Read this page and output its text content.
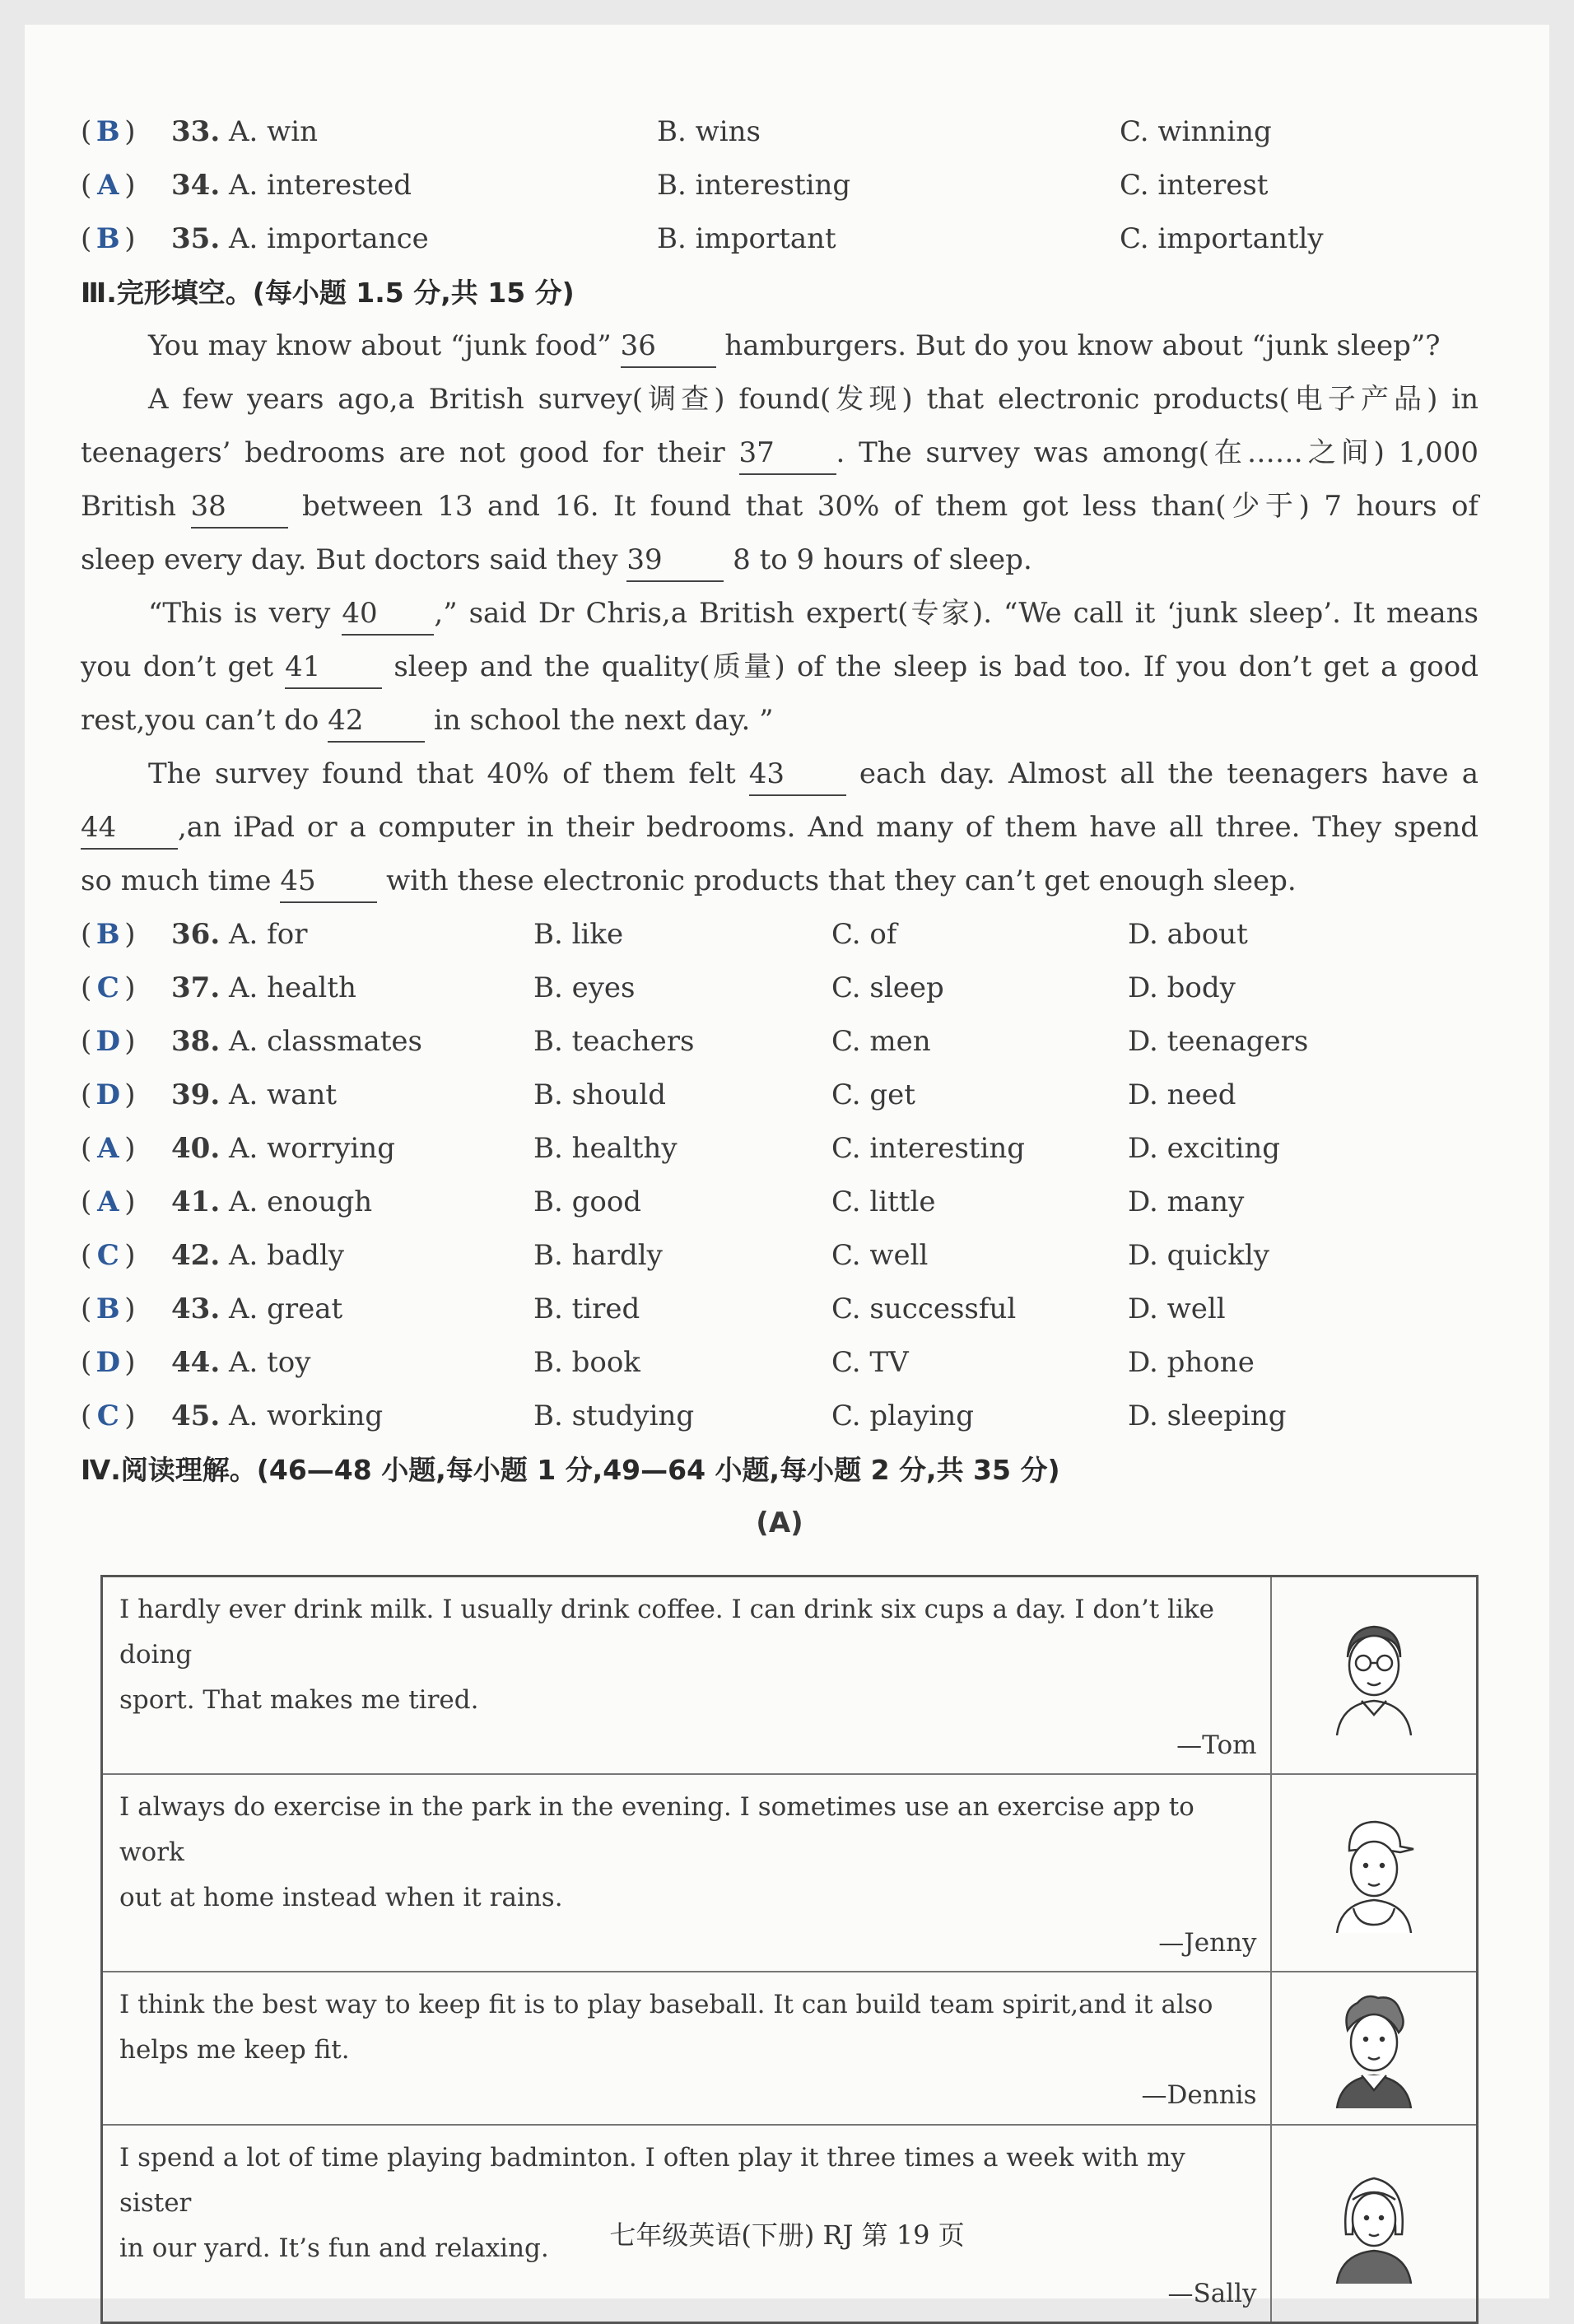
( B ) 33. A. win	B. wins	C. winning
( A ) 34. A. interested	B. interesting	C. interest
( B ) 35. A. importance	B. important	C. importantly
Ⅲ.完形填空。(每小题 1.5 分,共 15 分)
You may know about “junk food” 36 hamburgers. But do you know about “junk sleep”?
A few years ago,a British survey(调查) found(发现) that electronic products(电子产品) in
teenagers’ bedrooms are not good for their 37 . The survey was among(在……之间) 1,000
British 38	between 13 and 16. It found that 30% of them got less than(少于) 7 hours of
sleep every day. But doctors said they 39	8 to 9 hours of sleep.
“This is very 40 ,” said Dr Chris,a British expert(专家). “We call it ‘junk sleep’. It means
you don’t get 41	sleep and the quality(质量) of the sleep is bad too. If you don’t get a good
rest,you can’t do 42	in school the next day. ”
The survey found that 40% of them felt 43	each day. Almost all the teenagers have a
44 ,an iPad or a computer in their bedrooms. And many of them have all three. They spend
so much time 45	with these electronic products that they can’t get enough sleep.
( B ) 36. A. for	B. like	C. of	D. about
( C ) 37. A. health	B. eyes	C. sleep	D. body
( D ) 38. A. classmates	B. teachers	C. men	D. teenagers
( D ) 39. A. want	B. should	C. get	D. need
( A ) 40. A. worrying	B. healthy	C. interesting	D. exciting
( A ) 41. A. enough	B. good	C. little	D. many
( C ) 42. A. badly	B. hardly	C. well	D. quickly
( B ) 43. A. great	B. tired	C. successful	D. well
( D ) 44. A. toy	B. book	C. TV	D. phone
( C ) 45. A. working	B. studying	C. playing	D. sleeping
Ⅳ.阅读理解。(46—48 小题,每小题 1 分,49—64 小题,每小题 2 分,共 35 分)
(A)
I hardly ever drink milk. I usually drink coffee. I can drink six cups a day. I don’t like doing
sport. That makes me tired.
—Tom

I always do exercise in the park in the evening. I sometimes use an exercise app to work
out at home instead when it rains.
—Jenny

I think the best way to keep fit is to play baseball. It can build team spirit,and it also
helps me keep fit.
—Dennis

I spend a lot of time playing badminton. I often play it three times a week with my sister
in our yard. It’s fun and relaxing.
—Sally

七年级英语(下册) RJ 第 19 页
